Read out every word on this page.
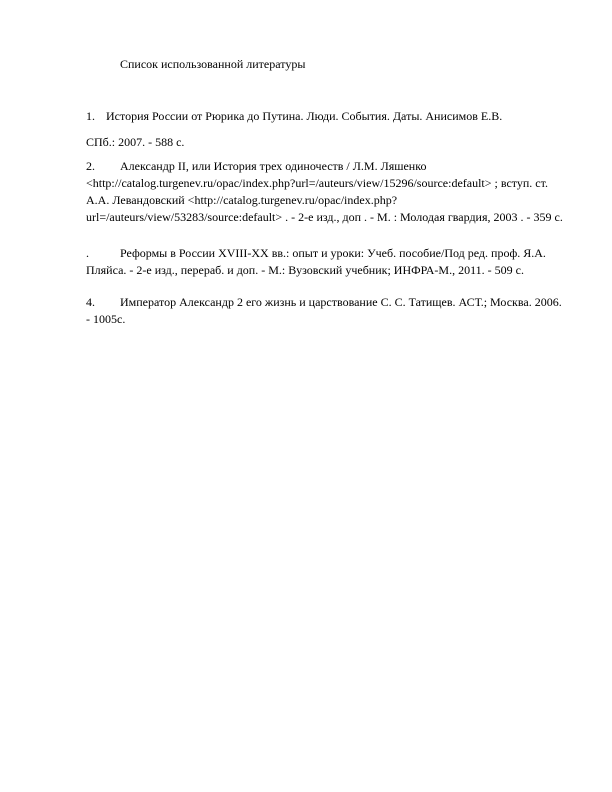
Список использованной литературы
1. История России от Рюрика до Путина. Люди. События. Даты. Анисимов Е.В.
СПб.: 2007. - 588 с.
2. Александр II, или История трех одиночеств / Л.М. Ляшенко <http://catalog.turgenev.ru/opac/index.php?url=/auteurs/view/15296/source:default> ; вступ. ст. А.А. Левандовский <http://catalog.turgenev.ru/opac/index.php?url=/auteurs/view/53283/source:default> . - 2-е изд., доп . - М. : Молодая гвардия, 2003 . - 359 с.
.	Реформы в России XVIII-XX вв.: опыт и уроки: Учеб. пособие/Под ред. проф. Я.А. Пляйса. - 2-е изд., перераб. и доп. - М.: Вузовский учебник; ИНФРА-М., 2011. - 509 с.
4. Император Александр 2 его жизнь и царствование С. С. Татищев. АСТ.; Москва. 2006. - 1005с.
